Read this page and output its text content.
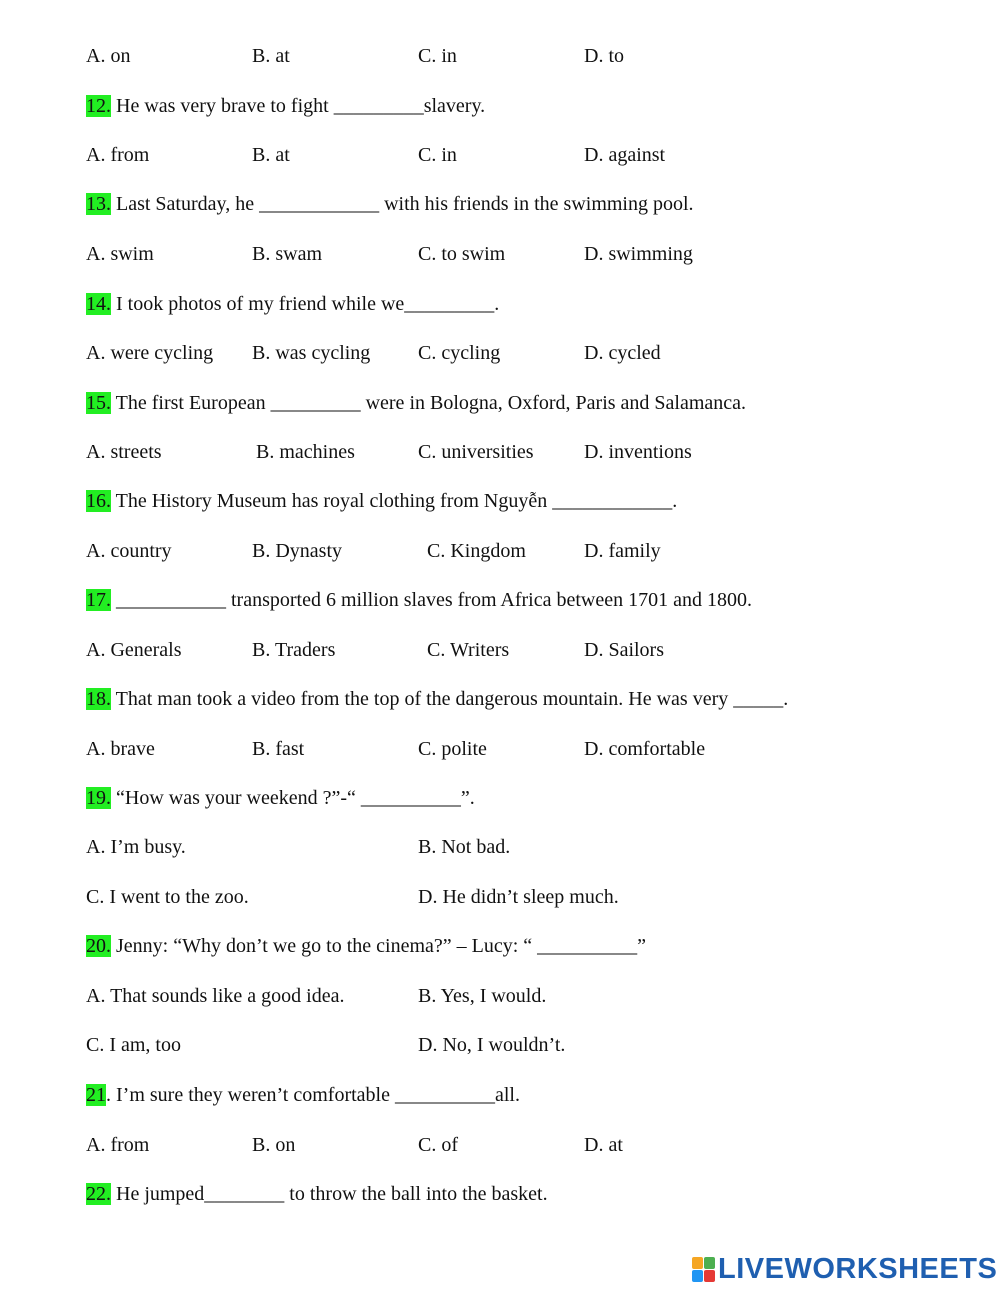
A. on	B. at	C. in	D. to
12. He was very brave to fight _________slavery.
A. from	B. at	C. in	D. against
13. Last Saturday, he ____________ with his friends in the swimming pool.
A. swim	B. swam	C. to swim	D. swimming
14. I took photos of my friend while we_________.
A. were cycling B. was cycling C. cycling	D. cycled
15. The first European _________ were in Bologna, Oxford, Paris and Salamanca.
A. streets	B. machines	C. universities	D. inventions
16. The History Museum has royal clothing from Nguyễn ____________.
A. country	B. Dynasty	C. Kingdom	D. family
17. ___________ transported 6 million slaves from Africa between 1701 and 1800.
A. Generals	B. Traders	C. Writers	D. Sailors
18. That man took a video from the top of the dangerous mountain. He was very _____.
A. brave	B. fast	C. polite	D. comfortable
19. “How was your weekend ?”-“ __________”.
A. I’m busy.	B. Not bad.
C. I went to the zoo.	D. He didn’t sleep much.
20. Jenny: “Why don’t we go to the cinema?” – Lucy: “ __________”
A. That sounds like a good idea.	B. Yes, I would.
C. I am, too	D. No, I wouldn’t.
21. I’m sure they weren’t comfortable __________all.
A. from	B. on	C. of	D. at
22. He jumped________ to throw the ball into the basket.
LIVEWORKSHEETS
